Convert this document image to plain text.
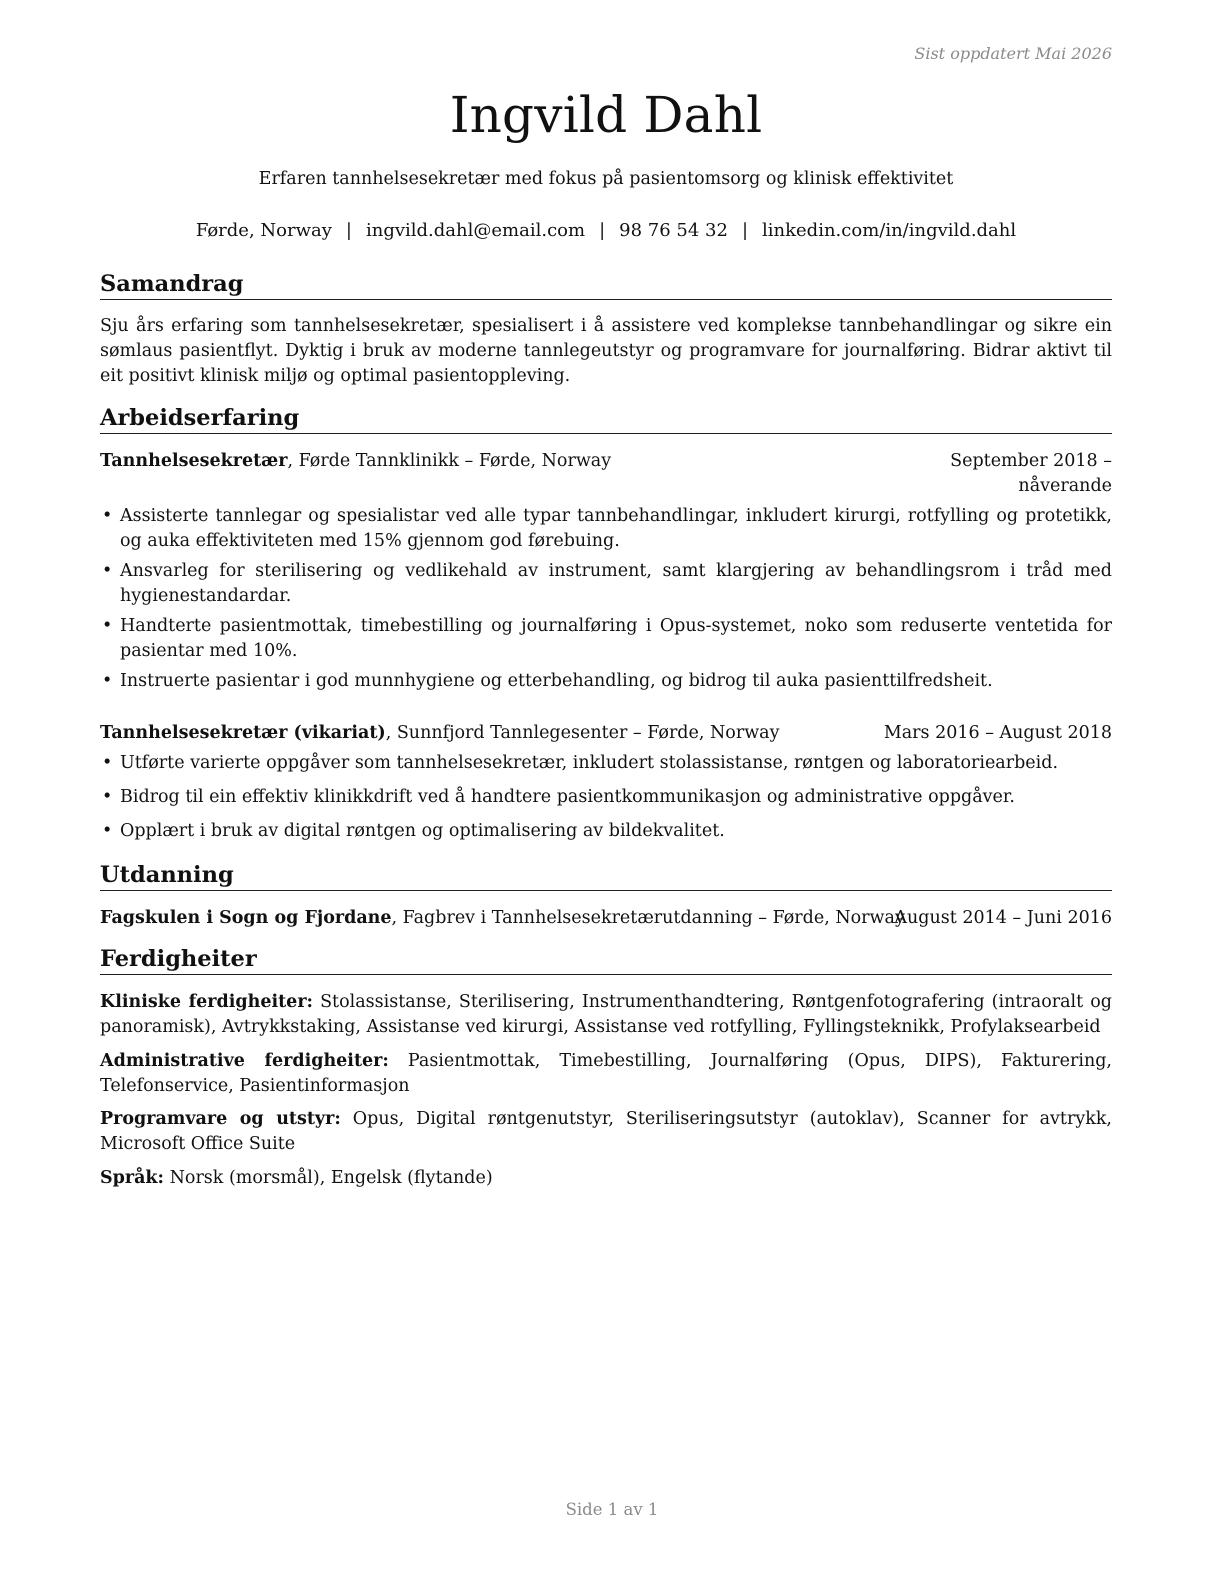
Sist oppdatert Mai 2026
Ingvild Dahl
Erfaren tannhelsesekretær med fokus på pasientomsorg og klinisk effektivitet
Førde, Norway | ingvild.dahl@email.com | 98 76 54 32 | linkedin.com/in/ingvild.dahl
Samandrag
Sju års erfaring som tannhelsesekretær, spesialisert i å assistere ved komplekse tannbehandlingar og sikre ein sømlaus pasientflyt. Dyktig i bruk av moderne tannlegeutstyr og programvare for journalføring. Bidrar aktivt til eit positivt klinisk miljø og optimal pasientoppleving.
Arbeidserfaring
Tannhelsesekretær, Førde Tannklinikk – Førde, Norway	September 2018 – nåverande
• Assisterte tannlegar og spesialistar ved alle typar tannbehandlingar, inkludert kirurgi, rotfylling og protetikk, og auka effektiviteten med 15% gjennom god førebuing.
• Ansvarleg for sterilisering og vedlikehald av instrument, samt klargjering av behandlingsrom i tråd med hygienestandardar.
• Handterte pasientmottak, timebestilling og journalføring i Opus-systemet, noko som reduserte ventetida for pasientar med 10%.
• Instruerte pasientar i god munnhygiene og etterbehandling, og bidrog til auka pasienttilfredsheit.
Tannhelsesekretær (vikariat), Sunnfjord Tannlegesenter – Førde, Norway	Mars 2016 – August 2018
• Utførte varierte oppgåver som tannhelsesekretær, inkludert stolassistanse, røntgen og laboratoriearbeid.
• Bidrog til ein effektiv klinikkdrift ved å handtere pasientkommunikasjon og administrative oppgåver.
• Opplært i bruk av digital røntgen og optimalisering av bildekvalitet.
Utdanning
Fagskulen i Sogn og Fjordane, Fagbrev i Tannhelsesekretærutdanning – Førde, Norway
August 2014 – Juni 2016
Ferdigheiter
Kliniske ferdigheiter: Stolassistanse, Sterilisering, Instrumenthandtering, Røntgenfotografering (intraoralt og panoramisk), Avtrykkstaking, Assistanse ved kirurgi, Assistanse ved rotfylling, Fyllingsteknikk, Profylaksearbeid
Administrative ferdigheiter: Pasientmottak, Timebestilling, Journalføring (Opus, DIPS), Fakturering, Telefonservice, Pasientinformasjon
Programvare og utstyr: Opus, Digital røntgenutstyr, Steriliseringsutstyr (autoklav), Scanner for avtrykk, Microsoft Office Suite
Språk: Norsk (morsmål), Engelsk (flytande)
Side 1 av 1
